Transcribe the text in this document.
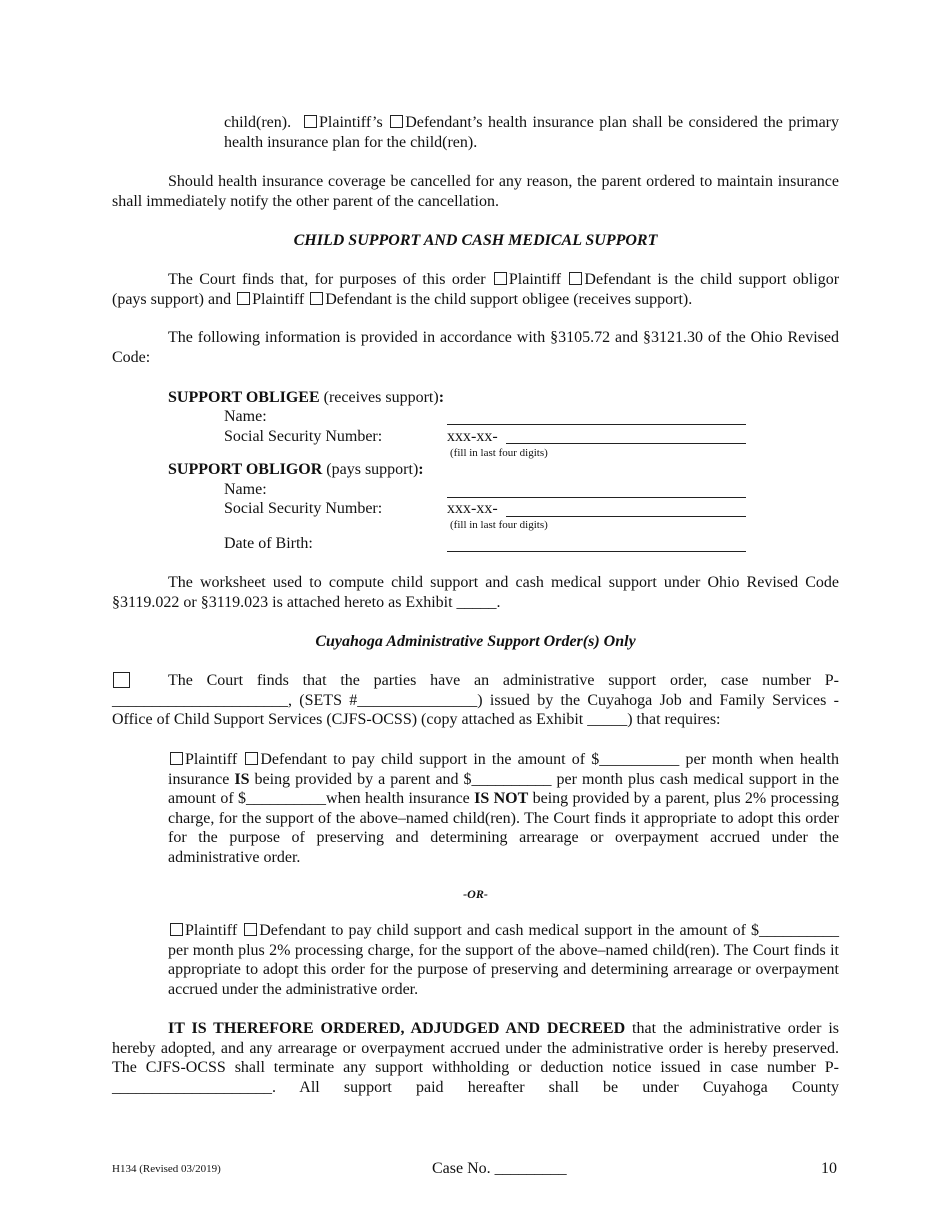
child(ren). Plaintiff’s Defendant’s health insurance plan shall be considered the primary health insurance plan for the child(ren).
Should health insurance coverage be cancelled for any reason, the parent ordered to maintain insurance shall immediately notify the other parent of the cancellation.
CHILD SUPPORT AND CASH MEDICAL SUPPORT
The Court finds that, for purposes of this order Plaintiff Defendant is the child support obligor (pays support) and Plaintiff Defendant is the child support obligee (receives support).
The following information is provided in accordance with §3105.72 and §3121.30 of the Ohio Revised Code:
SUPPORT OBLIGEE (receives support):
Name:
Social Security Number:	xxx-xx-
(fill in last four digits)
SUPPORT OBLIGOR (pays support):
Name:
Social Security Number:	xxx-xx-
(fill in last four digits)
Date of Birth:
The worksheet used to compute child support and cash medical support under Ohio Revised Code §3119.022 or §3119.023 is attached hereto as Exhibit _____.
Cuyahoga Administrative Support Order(s) Only
The Court finds that the parties have an administrative support order, case number P-______________________, (SETS #_______________) issued by the Cuyahoga Job and Family Services - Office of Child Support Services (CJFS-OCSS) (copy attached as Exhibit _____) that requires:
Plaintiff Defendant to pay child support in the amount of $__________ per month when health insurance IS being provided by a parent and $__________ per month plus cash medical support in the amount of $__________when health insurance IS NOT being provided by a parent, plus 2% processing charge, for the support of the above–named child(ren). The Court finds it appropriate to adopt this order for the purpose of preserving and determining arrearage or overpayment accrued under the administrative order.
-OR-
Plaintiff Defendant to pay child support and cash medical support in the amount of $__________ per month plus 2% processing charge, for the support of the above–named child(ren). The Court finds it appropriate to adopt this order for the purpose of preserving and determining arrearage or overpayment accrued under the administrative order.
IT IS THEREFORE ORDERED, ADJUDGED AND DECREED that the administrative order is hereby adopted, and any arrearage or overpayment accrued under the administrative order is hereby preserved. The CJFS-OCSS shall terminate any support withholding or deduction notice issued in case number P-____________________. All support paid hereafter shall be under Cuyahoga County
H134 (Revised 03/2019)	Case No. _________	10
